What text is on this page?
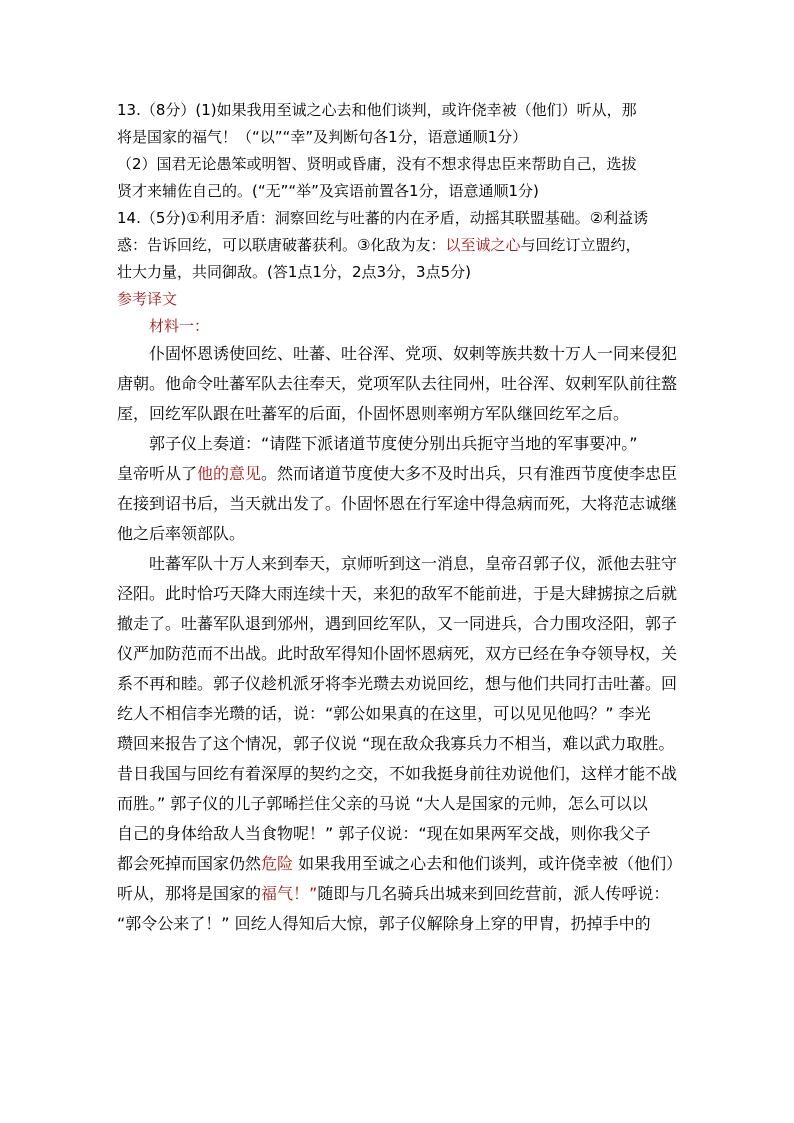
13.（8分）(1)如果我用至诚之心去和他们谈判，或许侥幸被（他们）听从，那
将是国家的福气！（“以”“幸”及判断句各1分，语意通顺1分）
（2）国君无论愚笨或明智、贤明或昏庸，没有不想求得忠臣来帮助自己，选拔
贤才来辅佐自己的。(“无”“举”及宾语前置各1分，语意通顺1分)
14.（5分)①利用矛盾：洞察回纥与吐蕃的内在矛盾，动摇其联盟基础。②利益诱
惑：告诉回纥，可以联唐破蕃获利。③化敌为友：以至诚之心与回纥订立盟约，
壮大力量，共同御敌。(答1点1分，2点3分，3点5分)
参考译文
材料一：
仆固怀恩诱使回纥、吐蕃、吐谷浑、党项、奴剌等族共数十万人一同来侵犯
唐朝。他命令吐蕃军队去往奉天，党项军队去往同州，吐谷浑、奴剌军队前往盩
厔，回纥军队跟在吐蕃军的后面，仆固怀恩则率朔方军队继回纥军之后。
郭子仪上奏道：“请陛下派诸道节度使分别出兵扼守当地的军事要冲。”
皇帝听从了他的意见。然而诸道节度使大多不及时出兵，只有淮西节度使李忠臣
在接到诏书后，当天就出发了。仆固怀恩在行军途中得急病而死，大将范志诚继
他之后率领部队。
吐蕃军队十万人来到奉天，京师听到这一消息，皇帝召郭子仪，派他去驻守
泾阳。此时恰巧天降大雨连续十天，来犯的敌军不能前进，于是大肆掳掠之后就
撤走了。吐蕃军队退到邠州，遇到回纥军队，又一同进兵，合力围攻泾阳，郭子
仪严加防范而不出战。此时敌军得知仆固怀恩病死，双方已经在争夺领导权，关
系不再和睦。郭子仪趁机派牙将李光瓒去劝说回纥，想与他们共同打击吐蕃。回
纥人不相信李光瓒的话，说：“郭公如果真的在这里，可以见见他吗？” 李光
瓒回来报告了这个情况，郭子仪说 “现在敌众我寡兵力不相当，难以武力取胜。
昔日我国与回纥有着深厚的契约之交，不如我挺身前往劝说他们，这样才能不战
而胜。” 郭子仪的儿子郭晞拦住父亲的马说 “大人是国家的元帅，怎么可以以
自己的身体给敌人当食物呢！” 郭子仪说：“现在如果两军交战，则你我父子
都会死掉而国家仍然危险 如果我用至诚之心去和他们谈判，或许侥幸被（他们）
听从，那将是国家的福气！”随即与几名骑兵出城来到回纥营前，派人传呼说：
“郭令公来了！” 回纥人得知后大惊，郭子仪解除身上穿的甲胄，扔掉手中的
